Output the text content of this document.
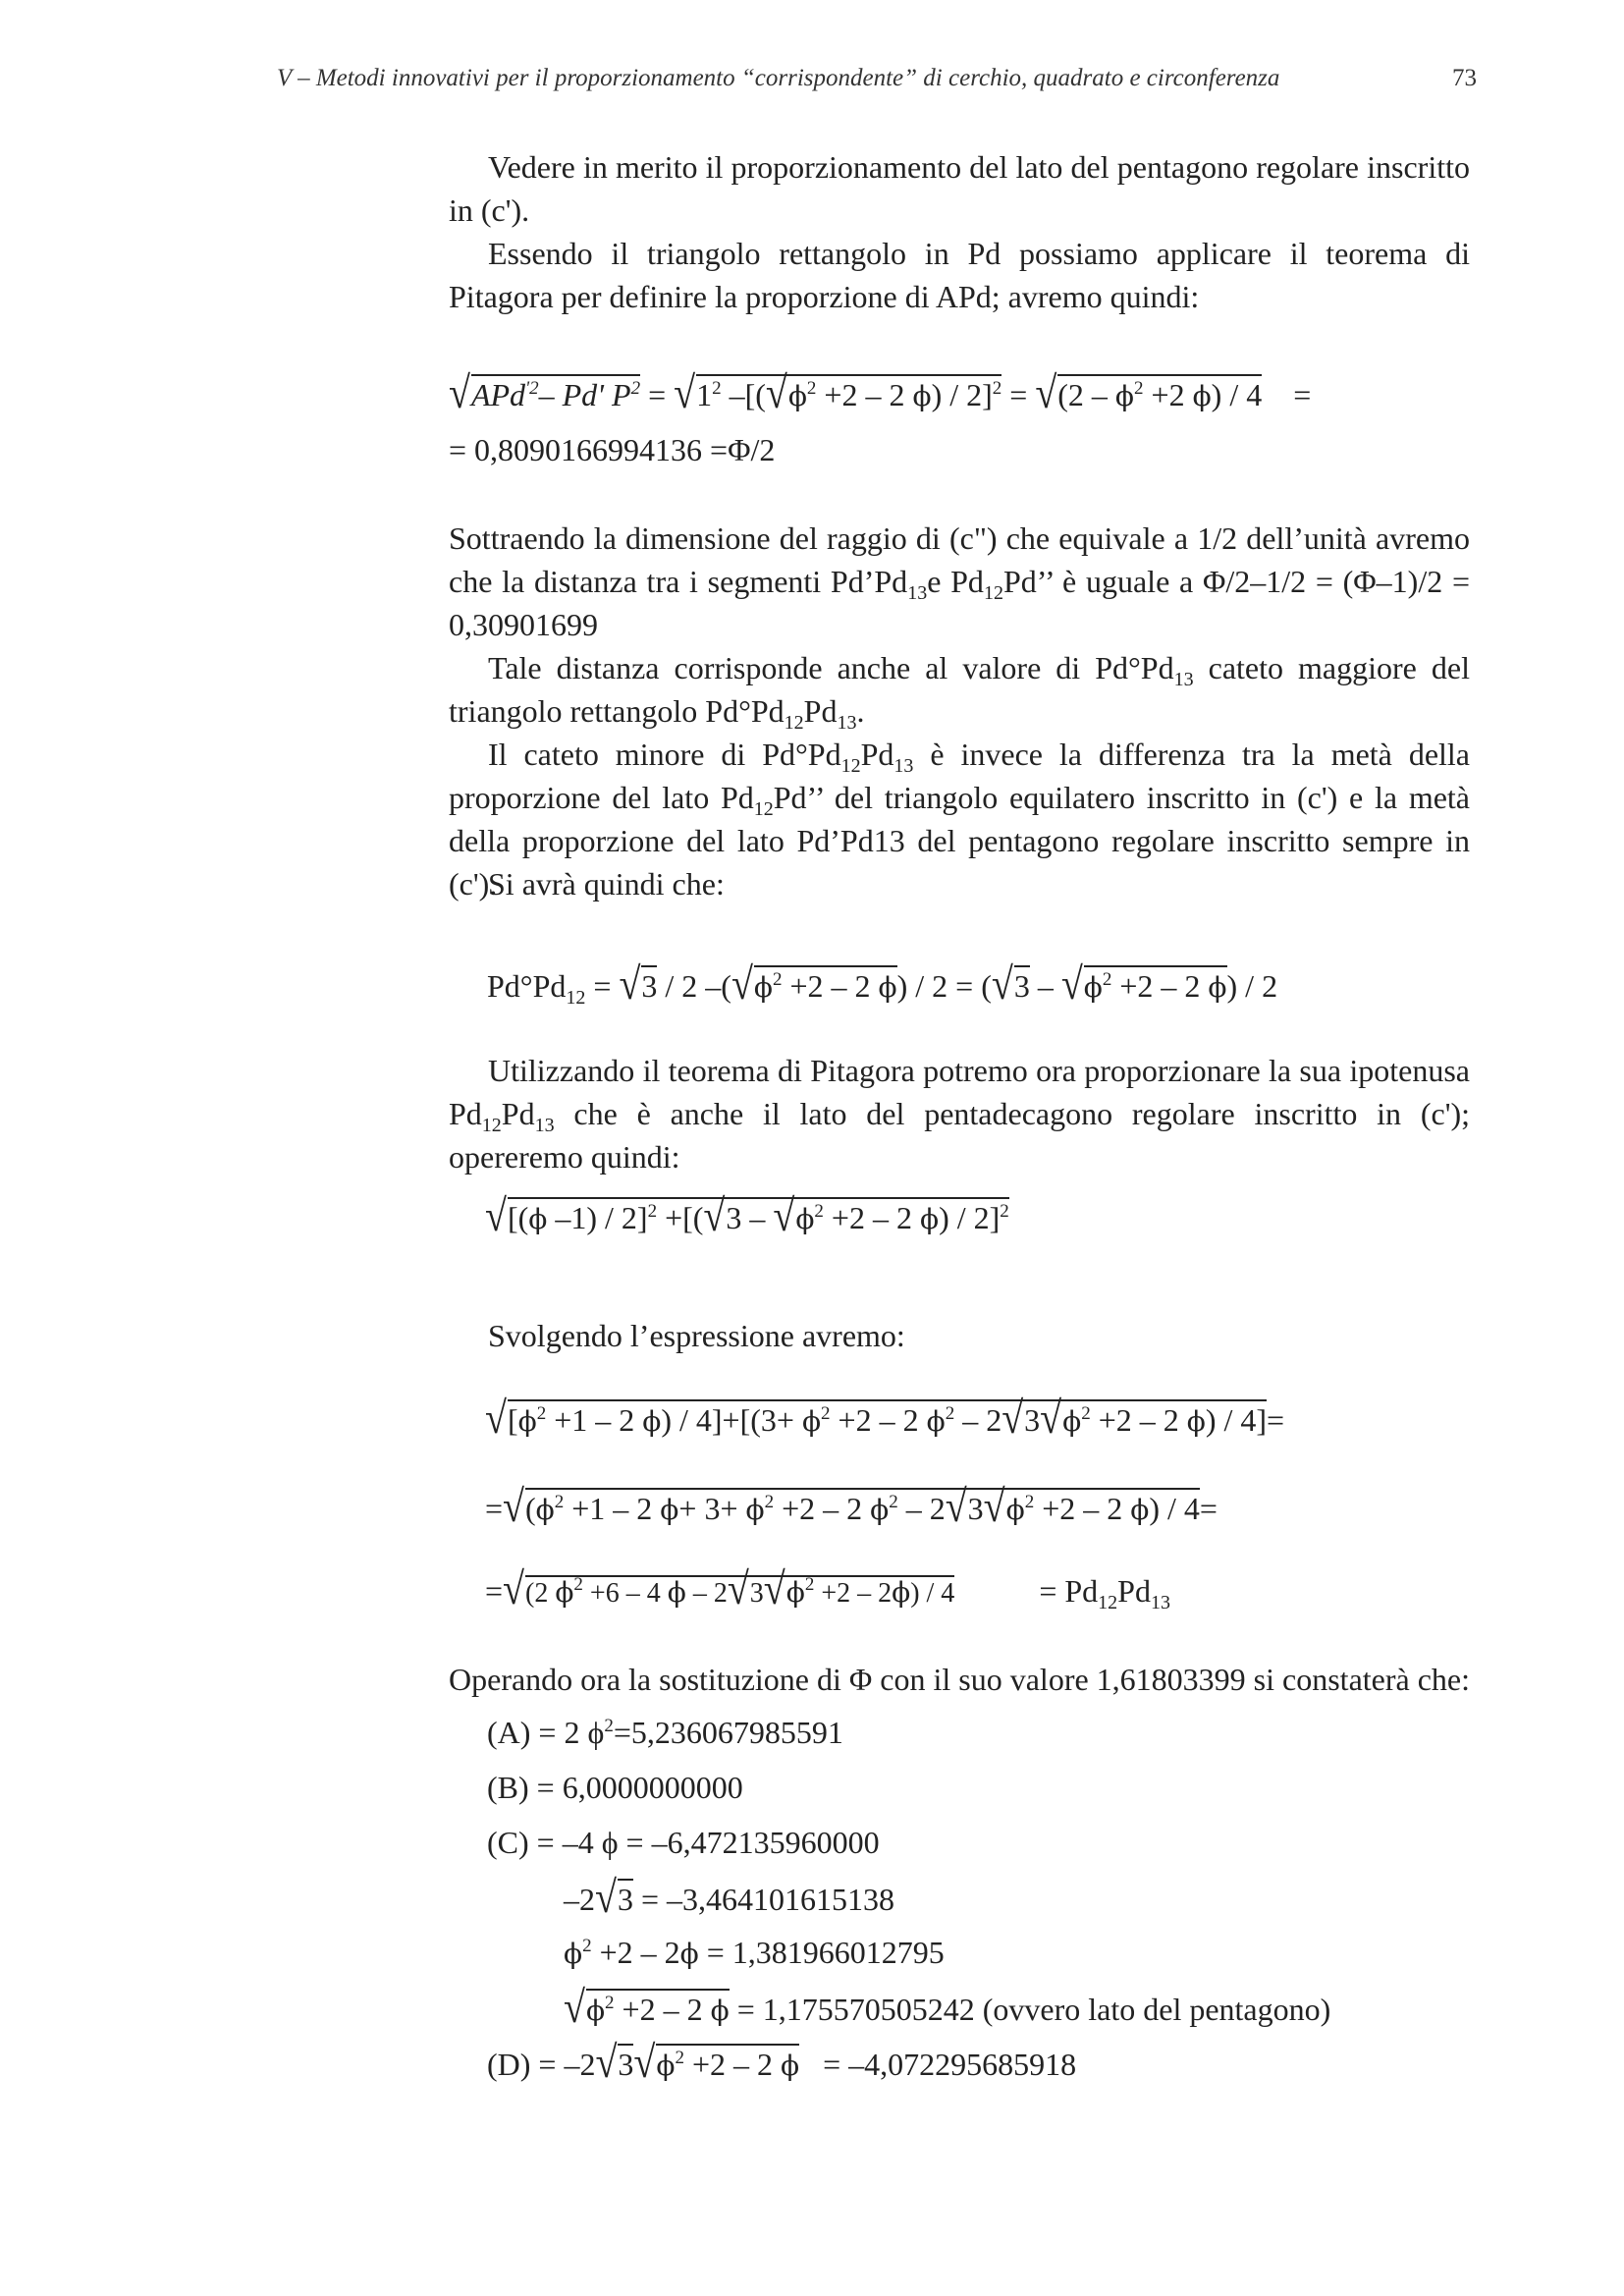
V – Metodi innovativi per il proporzionamento “corrispondente” di cerchio, quadrato e circonferenza	73
Vedere in merito il proporzionamento del lato del pentagono regolare inscritto in (c').
Essendo il triangolo rettangolo in Pd possiamo applicare il teorema di Pitagora per definire la proporzione di APd; avremo quindi:
√APd$^{'2}$– Pd' $P^2 = √1^2$ $-[(√\phi^2 +2 - 2$ $\phi) / 2]^2 = √(2 - \phi^2 +2$ ϕ) / 4    =
= 0,8090166994136 =Φ/2
Sottraendo la dimensione del raggio di (c") che equivale a 1/2 dell’unità avremo che la distanza tra i segmenti $Pd’Pd_{13}e$ $Pd_{12}Pd$’’ è uguale a Φ/2–1/2 = (Φ–1)/2 = 0,30901699
Tale distanza corrisponde anche al valore di $Pd^\circ Pd_{13}$ cateto maggiore del triangolo rettangolo $Pd^\circ Pd_{12}Pd_{13}$.
Il cateto minore di $Pd^\circ Pd_{12}Pd_{13}$ è invece la differenza tra la metà della proporzione del lato $Pd_{12}Pd$’’ del triangolo equilatero inscritto in (c') e la metà della proporzione del lato Pd’Pd13 del pentagono regolare inscritto sempre in (c').
Si avrà quindi che:
$Pd^\circ Pd_{12} = √3 / 2$ $-(√\phi^2 +2 - 2$ $\phi) / 2 = (√3 - √\phi^2 +2 - 2$ ϕ) / 2
Utilizzando il teorema di Pitagora potremo ora proporzionare la sua ipotenusa $Pd_{12}Pd_{13}$ che è anche il lato del pentadecagono regolare inscritto in (c'); opereremo quindi:
√[(ϕ $-1) / 2]^2 +[(√3 - √\phi^2 +2 - 2$ ϕ) / 2]$^2$
Svolgendo l’espressione avremo:
$√[\phi^2 +1 - 2$ $\phi) / 4]+[(3+ \phi^2 +2 - 2$ $\phi^2 - 2√3√\phi^2 +2 - 2$ ϕ) / 4]=
$=√(\phi^2 +1 - 2$ $\phi+ 3+ \phi^2 +2 - 2$ $\phi^2 - 2√3√\phi^2 +2 - 2$ ϕ) / 4=
=√(2 $\phi^2 +6 - 4$ $\phi - 2√3√\phi^2 +2 - 2\phi) / 4$	= $Pd_{12}Pd_{13}$
Operando ora la sostituzione di Φ con il suo valore 1,61803399 si constaterà che:
(A) = 2 $\phi^2=5,236067985591$
(B) = 6,0000000000
(C) = –4 ϕ = –6,472135960000
–2√3 = –3,464101615138
$\phi^2 +2 - 2\phi = 1,381966012795$
$√\phi^2 +2 - 2$ ϕ = 1,175570505242 (ovvero lato del pentagono)
$(D) = -2√3√\phi^2 +2 - 2$ ϕ = –4,072295685918
